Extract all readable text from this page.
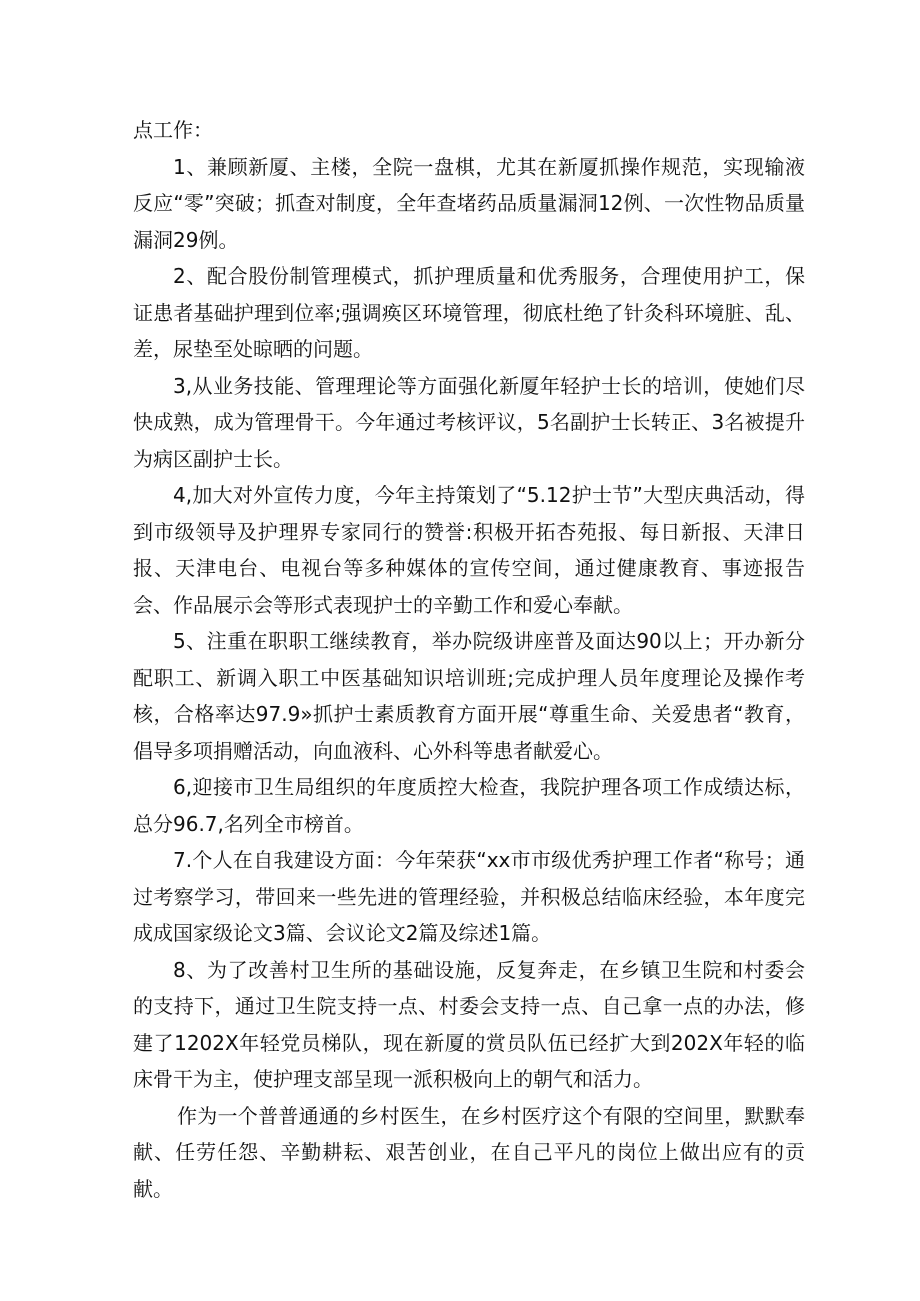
点工作：

1、兼顾新厦、主楼，全院一盘棋，尤其在新厦抓操作规范，实现输液反应“零”突破；抓查对制度，全年查堵药品质量漏洞12例、一次性物品质量漏洞29例。

2、配合股份制管理模式，抓护理质量和优秀服务，合理使用护工，保证患者基础护理到位率;强调痪区环境管理，彻底杜绝了针灸科环境脏、乱、差，尿垫至处晾晒的问题。

3,从业务技能、管理理论等方面强化新厦年轻护士长的培训，使她们尽快成熟，成为管理骨干。今年通过考核评议，5名副护士长转正、3名被提升为病区副护士长。

4,加大对外宣传力度，今年主持策划了“5.12护士节”大型庆典活动，得到市级领导及护理界专家同行的赞誉:积极开拓杏苑报、每日新报、天津日报、天津电台、电视台等多种媒体的宣传空间，通过健康教育、事迹报告会、作品展示会等形式表现护士的辛勤工作和爱心奉献。

5、注重在职职工继续教育，举办院级讲座普及面达90以上；开办新分配职工、新调入职工中医基础知识培训班;完成护理人员年度理论及操作考核，合格率达97.9»抓护士素质教育方面开展“尊重生命、关爱患者“教育，倡导多项捐赠活动，向血液科、心外科等患者献爱心。

6,迎接市卫生局组织的年度质控大检查，我院护理各项工作成绩达标，总分96.7,名列全市榜首。

7.个人在自我建设方面：今年荣获“xx市市级优秀护理工作者“称号；通过考察学习，带回来一些先进的管理经验，并积极总结临床经验，本年度完成成国家级论文3篇、会议论文2篇及综述1篇。

8、为了改善村卫生所的基础设施，反复奔走，在乡镇卫生院和村委会的支持下，通过卫生院支持一点、村委会支持一点、自己拿一点的办法，修建了1202X年轻党员梯队，现在新厦的赏员队伍已经扩大到202X年轻的临床骨干为主，使护理支部呈现一派积极向上的朝气和活力。

作为一个普普通通的乡村医生，在乡村医疗这个有限的空间里，默默奉献、任劳任怨、辛勤耕耘、艰苦创业，在自己平凡的岗位上做出应有的贡献。
